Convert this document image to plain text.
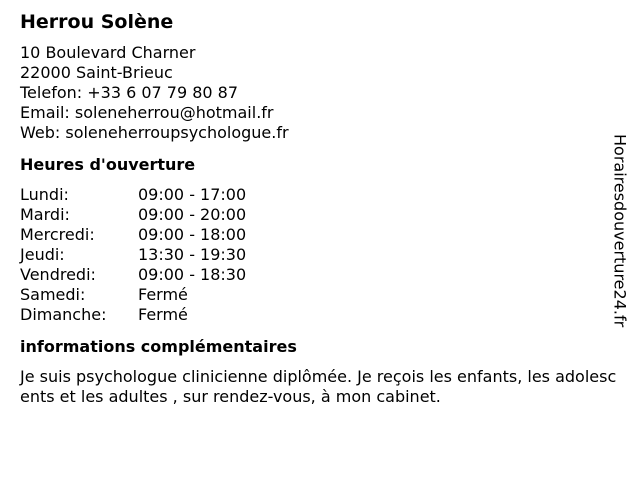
Herrou Solène
10 Boulevard Charner
22000 Saint-Brieuc
Telefon: +33 6 07 79 80 87
Email: soleneherrou@hotmail.fr
Web: soleneherroupsychologue.fr
Heures d'ouverture
Lundi:	09:00 - 17:00
Mardi:	09:00 - 20:00
Mercredi:	09:00 - 18:00
Jeudi:	13:30 - 19:30
Vendredi:	09:00 - 18:30
Samedi:	Fermé
Dimanche:	Fermé
informations complémentaires
Je suis psychologue clinicienne diplômée. Je reçois les enfants, les adolescents et les adultes , sur rendez-vous, à mon cabinet.
Horairesdouverture24.fr
